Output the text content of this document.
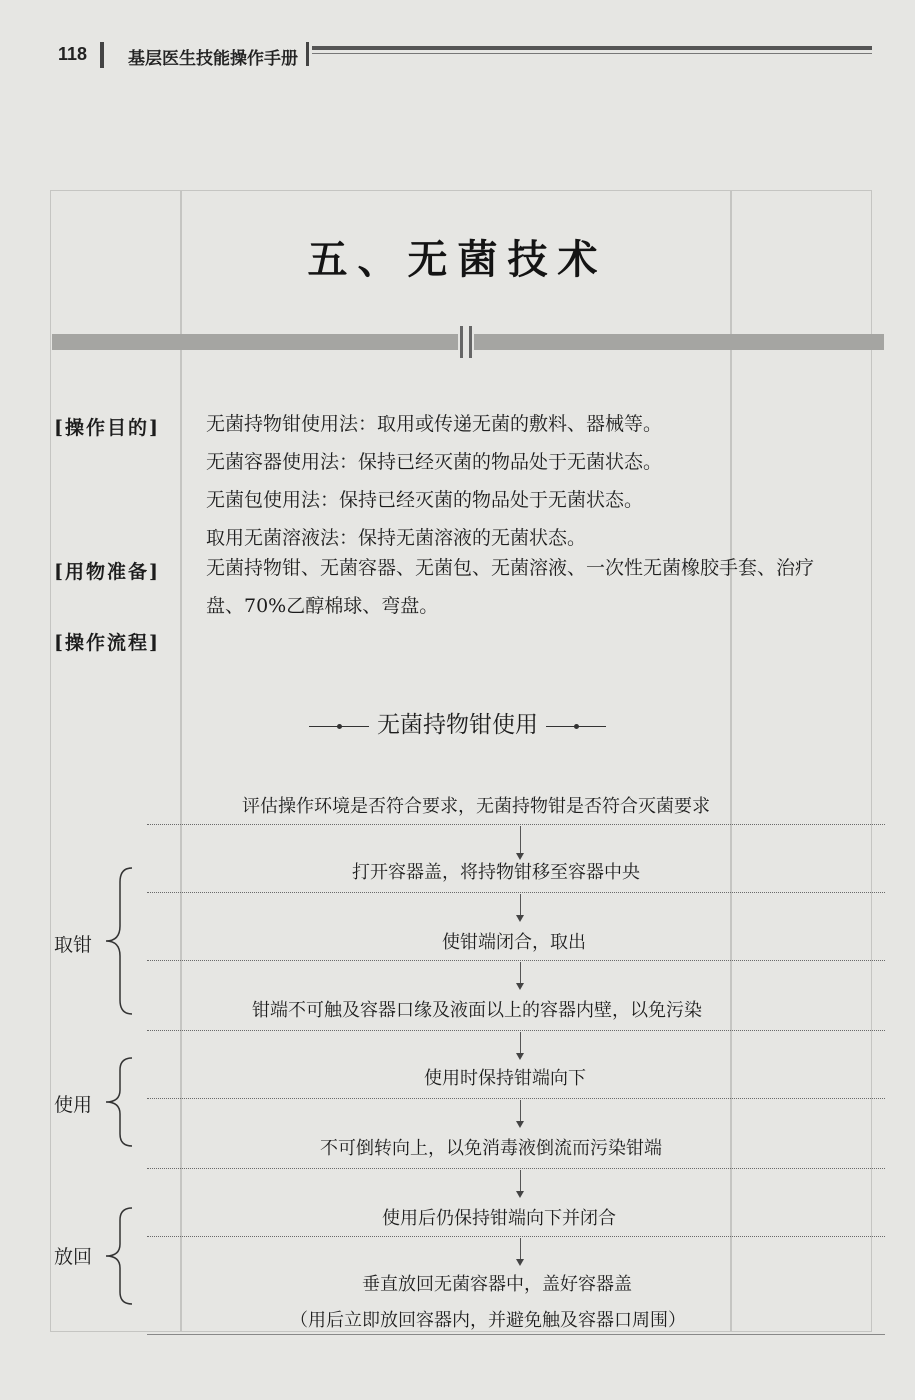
118 基层医生技能操作手册
五、无菌技术
[操作目的] 无菌持物钳使用法：取用或传递无菌的敷料、器械等。
无菌容器使用法：保持已经灭菌的物品处于无菌状态。
无菌包使用法：保持已经灭菌的物品处于无菌状态。
取用无菌溶液法：保持无菌溶液的无菌状态。
[用物准备] 无菌持物钳、无菌容器、无菌包、无菌溶液、一次性无菌橡胶手套、治疗
盘、70%乙醇棉球、弯盘。
[操作流程]
无菌持物钳使用
评估操作环境是否符合要求，无菌持物钳是否符合灭菌要求
取钳
打开容器盖，将持物钳移至容器中央
使钳端闭合，取出
钳端不可触及容器口缘及液面以上的容器内壁，以免污染
使用
使用时保持钳端向下
不可倒转向上，以免消毒液倒流而污染钳端
放回
使用后仍保持钳端向下并闭合
垂直放回无菌容器中，盖好容器盖
（用后立即放回容器内，并避免触及容器口周围）
